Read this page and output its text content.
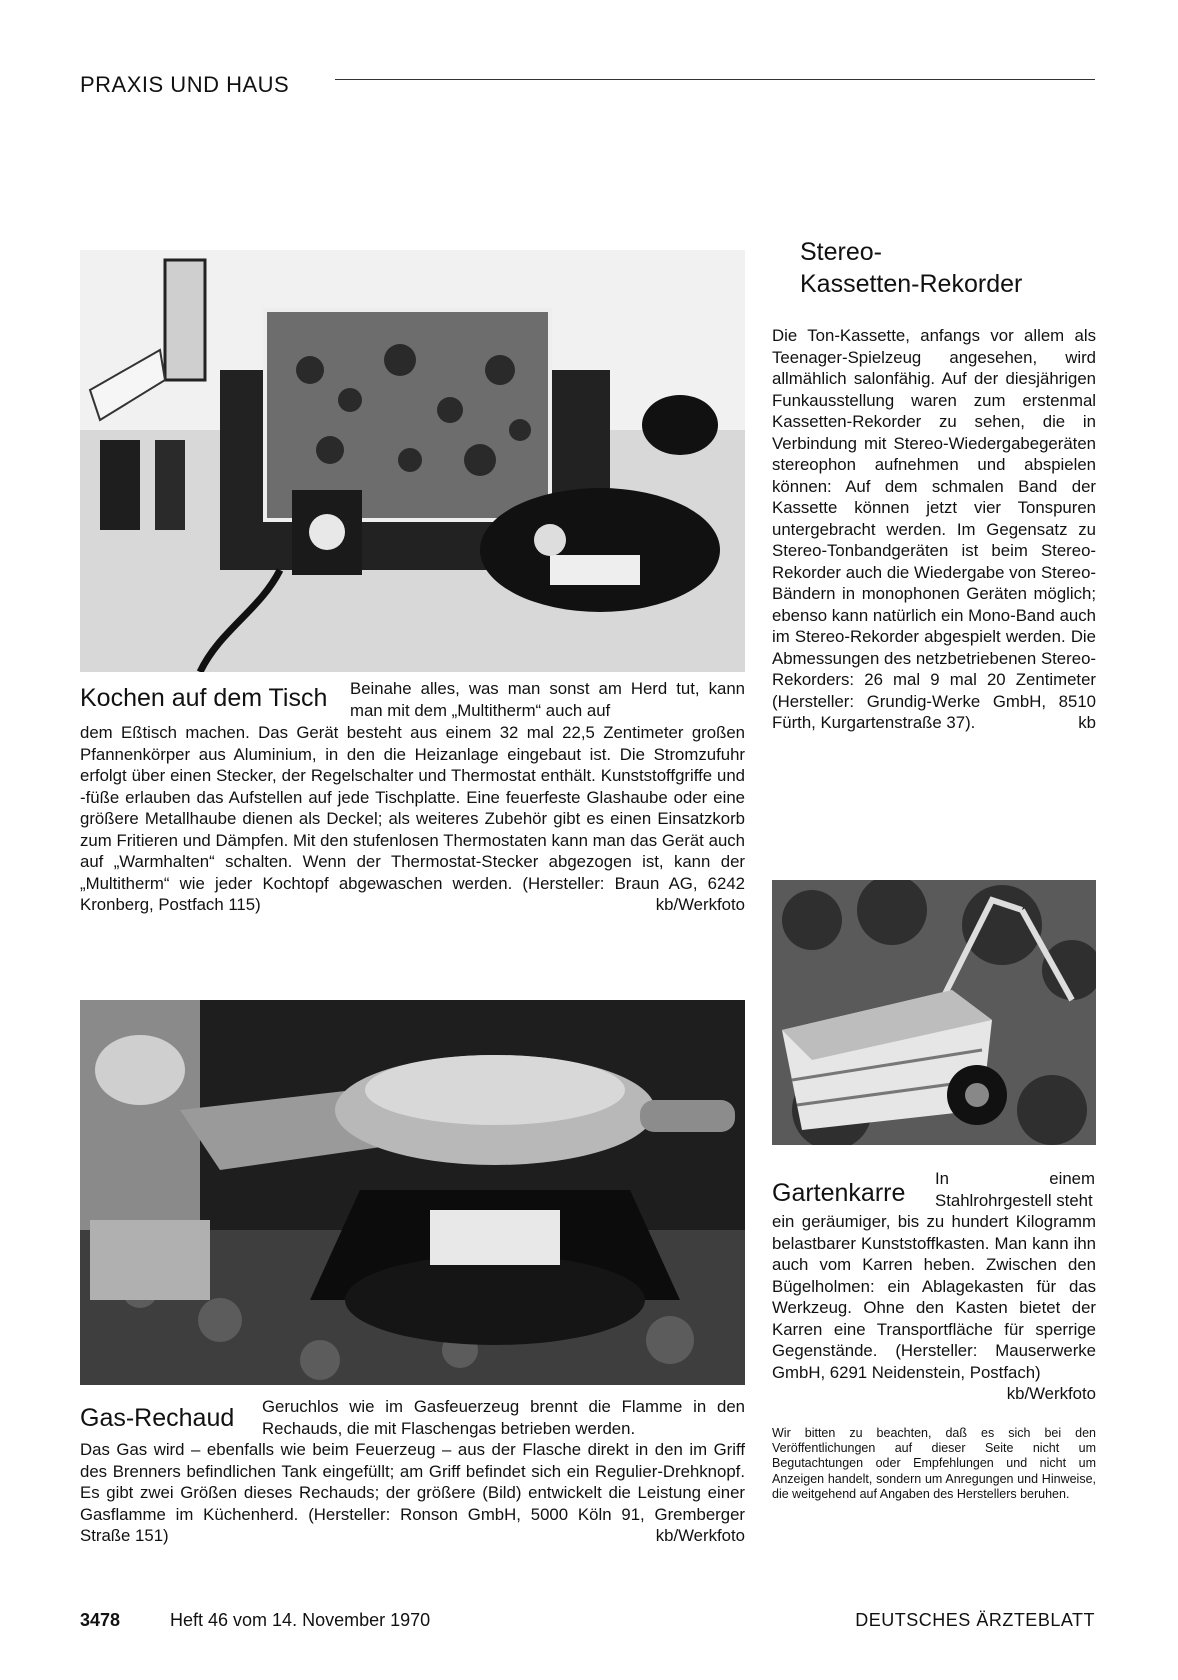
PRAXIS UND HAUS
Stereo-
Kassetten-Rekorder
Die Ton-Kassette, anfangs vor allem als Teenager-Spielzeug angesehen, wird allmählich salonfähig. Auf der diesjährigen Funkausstellung waren zum erstenmal Kassetten-Rekorder zu sehen, die in Verbindung mit Stereo-Wiedergabegeräten stereophon aufnehmen und abspielen können: Auf dem schmalen Band der Kassette können jetzt vier Tonspuren untergebracht werden. Im Gegensatz zu Stereo-Tonbandgeräten ist beim Stereo-Rekorder auch die Wiedergabe von Stereo-Bändern in monophonen Geräten möglich; ebenso kann natürlich ein Mono-Band auch im Stereo-Rekorder abgespielt werden. Die Abmessungen des netzbetriebenen Stereo-Rekorders: 26 mal 9 mal 20 Zentimeter (Hersteller: Grundig-Werke GmbH, 8510 Fürth, Kurgartenstraße 37).	kb
Kochen auf dem Tisch Beinahe alles, was man sonst am Herd tut, kann man mit dem „Multitherm“ auch auf
dem Eßtisch machen. Das Gerät besteht aus einem 32 mal 22,5 Zentimeter großen Pfannenkörper aus Aluminium, in den die Heizanlage eingebaut ist. Die Stromzufuhr erfolgt über einen Stecker, der Regelschalter und Thermostat enthält. Kunststoffgriffe und -füße erlauben das Aufstellen auf jede Tischplatte. Eine feuerfeste Glashaube oder eine größere Metallhaube dienen als Deckel; als weiteres Zubehör gibt es einen Einsatzkorb zum Fritieren und Dämpfen. Mit den stufenlosen Thermostaten kann man das Gerät auch auf „Warmhalten“ schalten. Wenn der Thermostat-Stecker abgezogen ist, kann der „Multitherm“ wie jeder Kochtopf abgewaschen werden. (Hersteller: Braun AG, 6242 Kronberg, Postfach 115)	kb/Werkfoto
Gartenkarre
In einem Stahlrohrgestell steht
ein geräumiger, bis zu hundert Kilogramm belastbarer Kunststoffkasten. Man kann ihn auch vom Karren heben. Zwischen den Bügelholmen: ein Ablagekasten für das Werkzeug. Ohne den Kasten bietet der Karren eine Transportfläche für sperrige Gegenstände. (Hersteller: Mauserwerke GmbH, 6291 Neidenstein, Postfach)
kb/Werkfoto
Wir bitten zu beachten, daß es sich bei den Veröffentlichungen auf dieser Seite nicht um Begutachtungen oder Empfehlungen und nicht um Anzeigen handelt, sondern um Anregungen und Hinweise, die weitgehend auf Angaben des Herstellers beruhen.
Gas-Rechaud Geruchlos wie im Gasfeuerzeug brennt die Flamme in den Rechauds, die mit Flaschengas betrieben werden.
Das Gas wird – ebenfalls wie beim Feuerzeug – aus der Flasche direkt in den im Griff des Brenners befindlichen Tank eingefüllt; am Griff befindet sich ein Regulier-Drehknopf. Es gibt zwei Größen dieses Rechauds; der größere (Bild) entwickelt die Leistung einer Gasflamme im Küchenherd. (Hersteller: Ronson GmbH, 5000 Köln 91, Gremberger Straße 151)	kb/Werkfoto
3478	Heft 46 vom 14. November 1970	DEUTSCHES ÄRZTEBLATT
